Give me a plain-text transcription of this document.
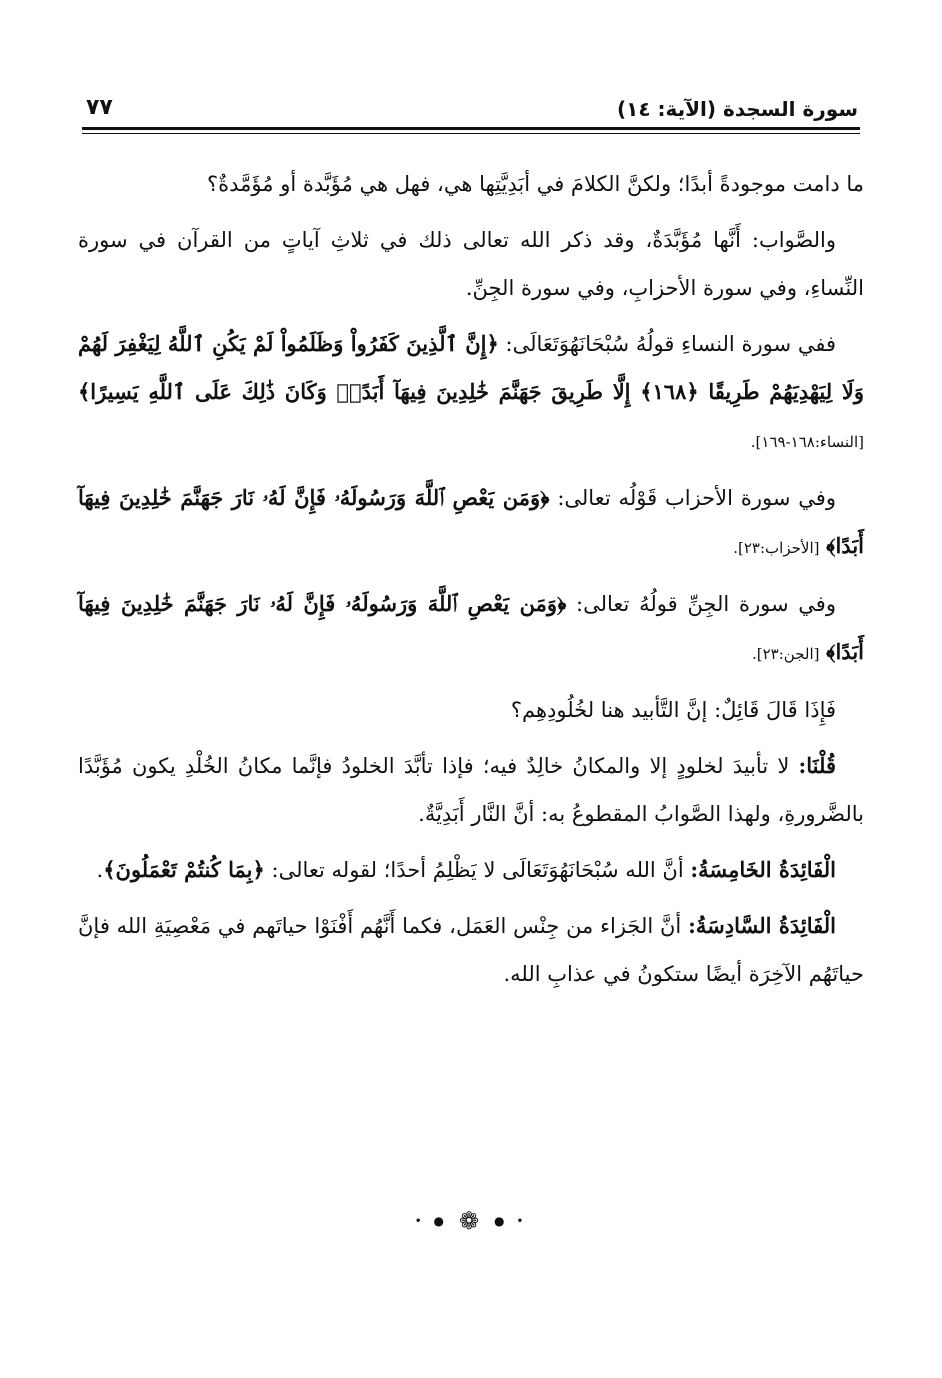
سورة السجدة (الآية: ١٤)
٧٧

ما دامت موجودةً أبدًا؛ ولكنَّ الكلامَ في أبَدِيَّتِها هي، فهل هي مُؤَبَّدة أو مُؤَمَّدةٌ؟

والصَّواب: أَنَّها مُؤَبَّدَةٌ، وقد ذكر الله تعالى ذلك في ثلاثِ آياتٍ من القرآن في سورة النِّساءِ، وفي سورة الأحزابِ، وفي سورة الجِنِّ.

ففي سورة النساءِ قولُهُ سُبْحَانَهُوَتَعَالَى: ﴿إِنَّ ٱلَّذِينَ كَفَرُواْ وَظَلَمُواْ لَمْ يَكُنِ ٱللَّهُ لِيَغْفِرَ لَهُمْ وَلَا لِيَهْدِيَهُمْ طَرِيقًا ﴿١٦٨﴾ إِلَّا طَرِيقَ جَهَنَّمَ خَٰلِدِينَ فِيهَآ أَبَدًاۚ وَكَانَ ذَٰلِكَ عَلَى ٱللَّهِ يَسِيرًا﴾ [النساء:١٦٨-١٦٩].

وفي سورة الأحزاب قَوْلُه تعالى: ﴿وَمَن يَعْصِ ٱللَّهَ وَرَسُولَهُۥ فَإِنَّ لَهُۥ نَارَ جَهَنَّمَ خَٰلِدِينَ فِيهَآ أَبَدًا﴾ [الأحزاب:٢٣].

وفي سورة الجِنِّ قولُهُ تعالى: ﴿وَمَن يَعْصِ ٱللَّهَ وَرَسُولَهُۥ فَإِنَّ لَهُۥ نَارَ جَهَنَّمَ خَٰلِدِينَ فِيهَآ أَبَدًا﴾ [الجن:٢٣].

فَإِذَا قَالَ قَائِلٌ: إنَّ التَّأبيد هنا لخُلُودِهِم؟

قُلْنَا: لا تأبيدَ لخلودٍ إلا والمكانُ خالِدٌ فيه؛ فإذا تأبَّدَ الخلودُ فإنَّما مكانُ الخُلْدِ يكون مُؤَبَّدًا بالضَّرورةِ، ولهذا الصَّوابُ المقطوعُ به: أنَّ النَّار أَبَدِيَّةٌ.

الْفَائِدَةُ الخَامِسَةُ: أنَّ الله سُبْحَانَهُوَتَعَالَى لا يَظْلِمُ أحدًا؛ لقوله تعالى: ﴿بِمَا كُنتُمْ تَعْمَلُونَ﴾.

الْفَائِدَةُ السَّادِسَةُ: أنَّ الجَزاء من جِنْس العَمَل، فكما أَنَّهُم أَفْنَوْا حياتَهم في مَعْصِيَةِ الله فإنَّ حياتَهُم الآخِرَة أيضًا ستكونُ في عذابِ الله.

• ● ❁ ● •
